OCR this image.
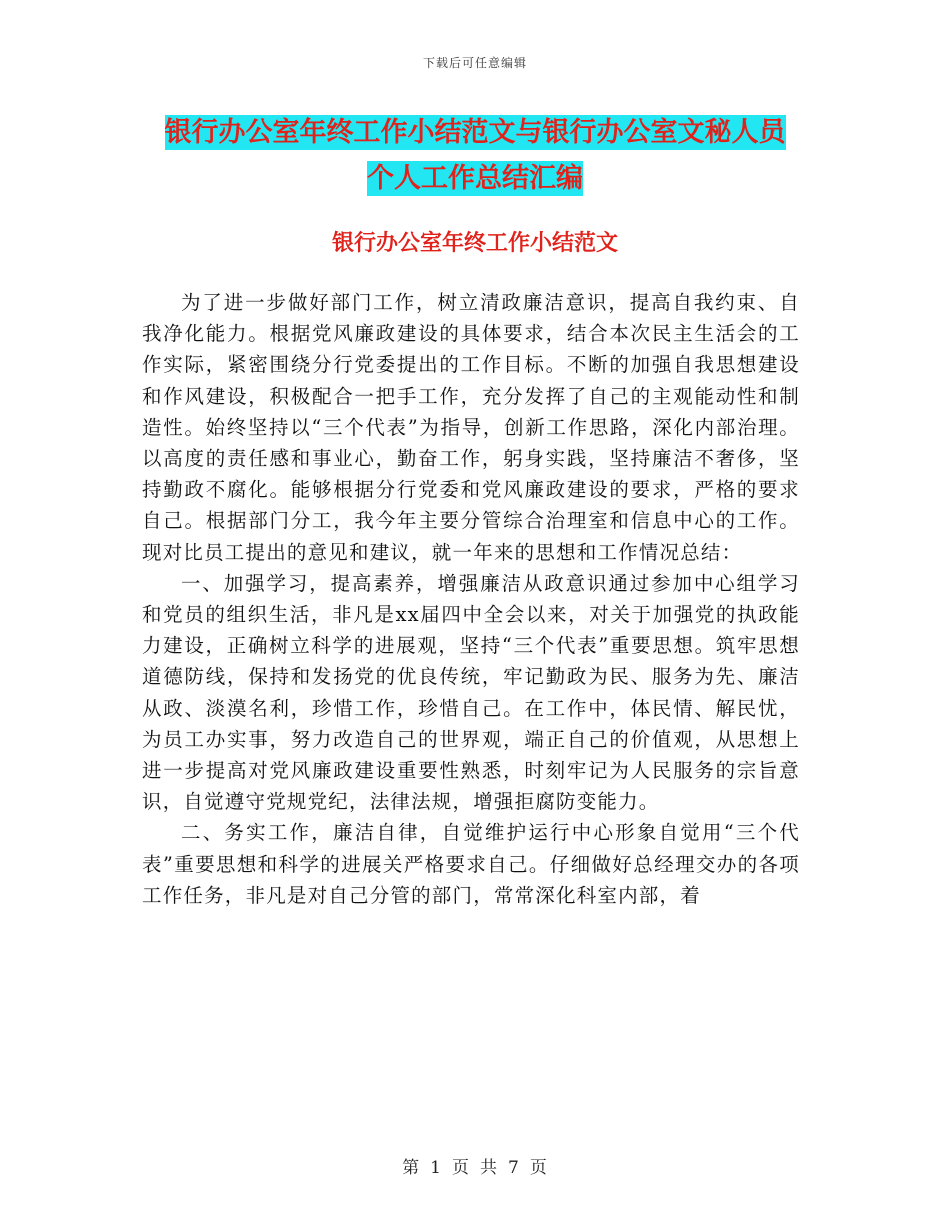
下载后可任意编辑
银行办公室年终工作小结范文与银行办公室文秘人员
个人工作总结汇编
银行办公室年终工作小结范文

为了进一步做好部门工作，树立清政廉洁意识，提高自我约束、自我净化能力。根据党风廉政建设的具体要求，结合本次民主生活会的工作实际，紧密围绕分行党委提出的工作目标。不断的加强自我思想建设和作风建设，积极配合一把手工作，充分发挥了自己的主观能动性和制造性。始终坚持以“三个代表”为指导，创新工作思路，深化内部治理。以高度的责任感和事业心，勤奋工作，躬身实践，坚持廉洁不奢侈，坚持勤政不腐化。能够根据分行党委和党风廉政建设的要求，严格的要求自己。根据部门分工，我今年主要分管综合治理室和信息中心的工作。现对比员工提出的意见和建议，就一年来的思想和工作情况总结：

一、加强学习，提高素养，增强廉洁从政意识通过参加中心组学习和党员的组织生活，非凡是xx届四中全会以来，对关于加强党的执政能力建设，正确树立科学的进展观，坚持“三个代表”重要思想。筑牢思想道德防线，保持和发扬党的优良传统，牢记勤政为民、服务为先、廉洁从政、淡漠名利，珍惜工作，珍惜自己。在工作中，体民情、解民忧，为员工办实事，努力改造自己的世界观，端正自己的价值观，从思想上进一步提高对党风廉政建设重要性熟悉，时刻牢记为人民服务的宗旨意识，自觉遵守党规党纪，法律法规，增强拒腐防变能力。

二、务实工作，廉洁自律，自觉维护运行中心形象自觉用“三个代表”重要思想和科学的进展关严格要求自己。仔细做好总经理交办的各项工作任务，非凡是对自己分管的部门，常常深化科室内部，着

第 1 页 共 7 页
